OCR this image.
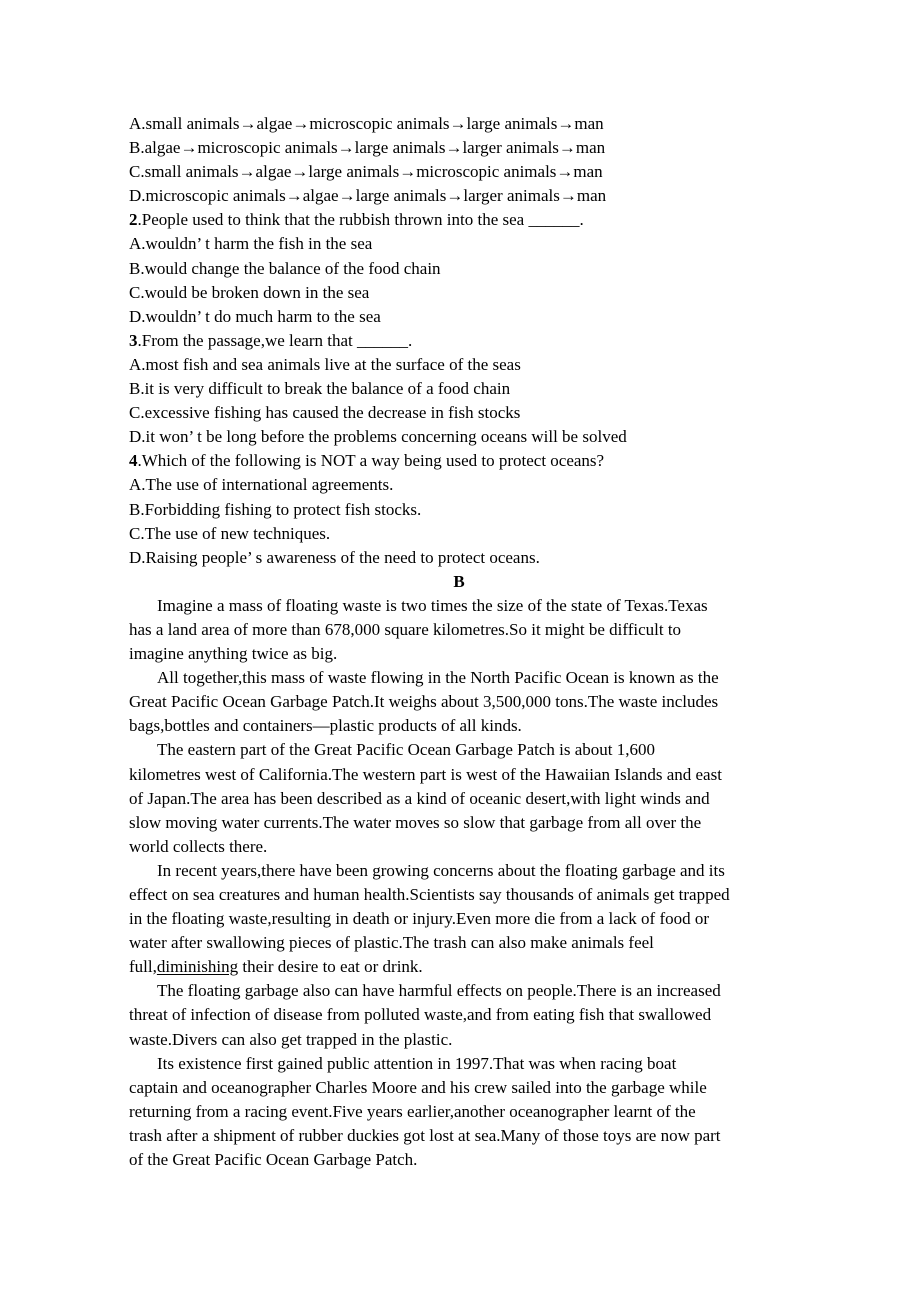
A.small animals→algae→microscopic animals→large animals→man
B.algae→microscopic animals→large animals→larger animals→man
C.small animals→algae→large animals→microscopic animals→man
D.microscopic animals→algae→large animals→larger animals→man
2.People used to think that the rubbish thrown into the sea ______.
A.wouldn’ t harm the fish in the sea
B.would change the balance of the food chain
C.would be broken down in the sea
D.wouldn’ t do much harm to the sea
3.From the passage,we learn that ______.
A.most fish and sea animals live at the surface of the seas
B.it is very difficult to break the balance of a food chain
C.excessive fishing has caused the decrease in fish stocks
D.it won’ t be long before the problems concerning oceans will be solved
4.Which of the following is NOT a way being used to protect oceans?
A.The use of international agreements.
B.Forbidding fishing to protect fish stocks.
C.The use of new techniques.
D.Raising people’ s awareness of the need to protect oceans.
B
Imagine a mass of floating waste is two times the size of the state of Texas.Texas
has a land area of more than 678,000 square kilometres.So it might be difficult to
imagine anything twice as big.
All together,this mass of waste flowing in the North Pacific Ocean is known as the
Great Pacific Ocean Garbage Patch.It weighs about 3,500,000 tons.The waste includes
bags,bottles and containers—plastic products of all kinds.
The eastern part of the Great Pacific Ocean Garbage Patch is about 1,600
kilometres west of California.The western part is west of the Hawaiian Islands and east
of Japan.The area has been described as a kind of oceanic desert,with light winds and
slow moving water currents.The water moves so slow that garbage from all over the
world collects there.
In recent years,there have been growing concerns about the floating garbage and its
effect on sea creatures and human health.Scientists say thousands of animals get trapped
in the floating waste,resulting in death or injury.Even more die from a lack of food or
water after swallowing pieces of plastic.The trash can also make animals feel
full,diminishing their desire to eat or drink.
The floating garbage also can have harmful effects on people.There is an increased
threat of infection of disease from polluted waste,and from eating fish that swallowed
waste.Divers can also get trapped in the plastic.
Its existence first gained public attention in 1997.That was when racing boat
captain and oceanographer Charles Moore and his crew sailed into the garbage while
returning from a racing event.Five years earlier,another oceanographer learnt of the
trash after a shipment of rubber duckies got lost at sea.Many of those toys are now part
of the Great Pacific Ocean Garbage Patch.
